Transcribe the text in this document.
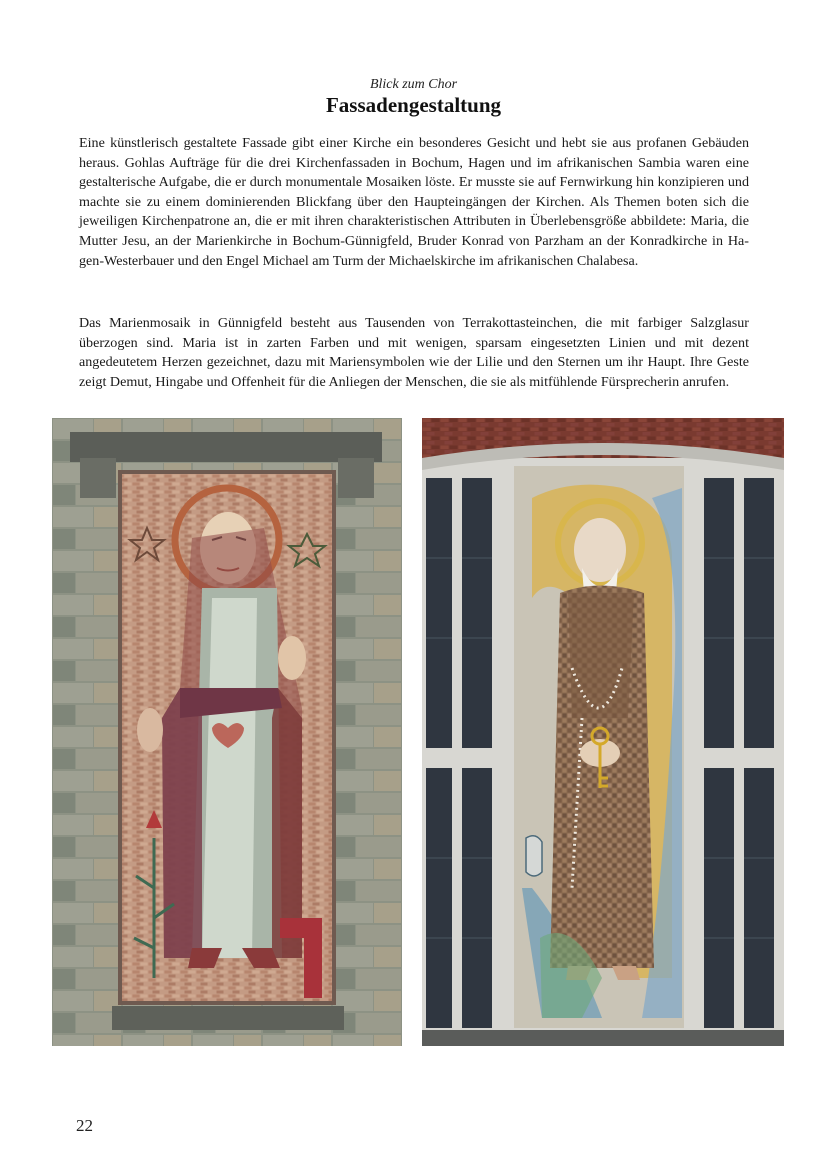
Blick zum Chor
Fassadengestaltung

Eine künstlerisch gestaltete Fassade gibt einer Kirche ein besonderes Gesicht und hebt sie aus profanen Gebäuden heraus. Gohlas Aufträge für die drei Kirchenfassaden in Bochum, Hagen und im afrikanischen Sambia waren eine gestalterische Aufgabe, die er durch monumentale Mosaiken löste. Er musste sie auf Fernwirkung hin konzipieren und machte sie zu einem dominierenden Blickfang über den Haupteingängen der Kirchen. Als Themen boten sich die jeweiligen Kirchenpatrone an, die er mit ihren charakteristischen Attributen in Überlebensgröße abbildete: Maria, die Mutter Jesu, an der Marienkirche in Bochum-Günnigfeld, Bruder Konrad von Parzham an der Konradkirche in Hagen-Westerbauer und den Engel Michael am Turm der Michaelskirche im afrikanischen Chalabesa.

Das Marienmosaik in Günnigfeld besteht aus Tausenden von Terrakottasteinchen, die mit farbiger Salzglasur überzogen sind. Maria ist in zarten Farben und mit wenigen, sparsam eingesetzten Linien und mit dezent angedeutetem Herzen gezeichnet, dazu mit Mariensymbolen wie der Lilie und den Sternen um ihr Haupt. Ihre Geste zeigt Demut, Hingabe und Offenheit für die Anliegen der Menschen, die sie als mitfühlende Fürsprecherin anrufen.

22
